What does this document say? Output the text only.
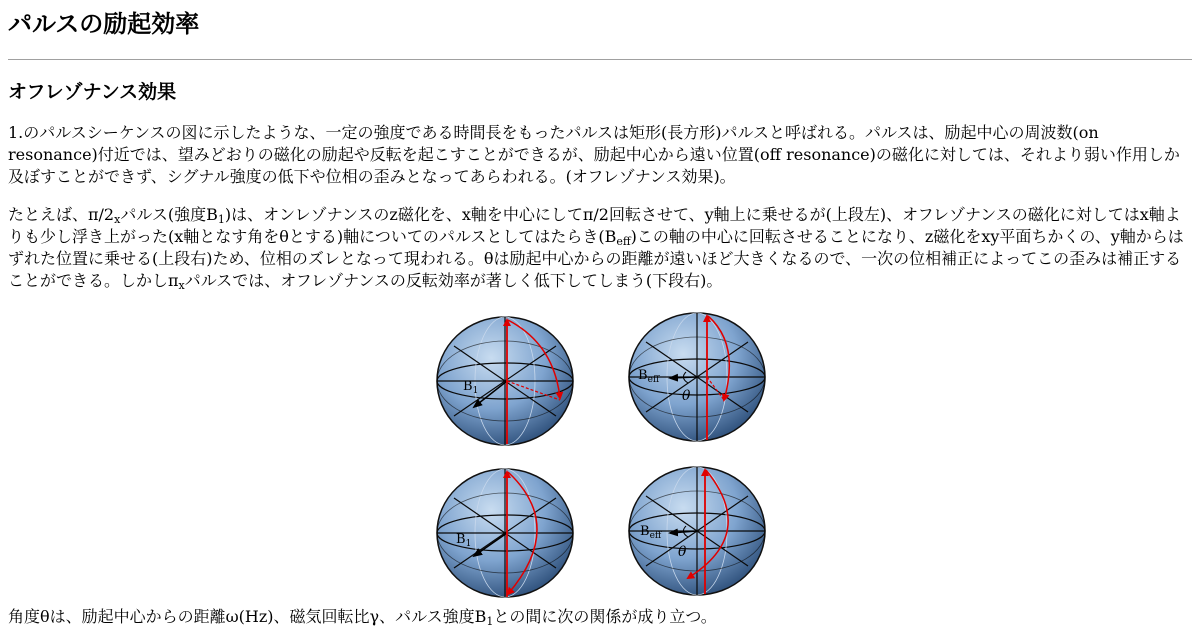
パルスの励起効率
オフレゾナンス効果

1.のパルスシーケンスの図に示したような、一定の強度である時間長をもったパルスは矩形(長方形)パルスと呼ばれる。パルスは、励起中心の周波数(on resonance)付近では、望みどおりの磁化の励起や反転を起こすことができるが、励起中心から遠い位置(off resonance)の磁化に対しては、それより弱い作用しか及ぼすことができず、シグナル強度の低下や位相の歪みとなってあらわれる。(オフレゾナンス効果)。

たとえば、$\pi/2_x$パルス(強度$B_1$)は、オンレゾナンスのz磁化を、x軸を中心にしてπ/2回転させて、y軸上に乗せるが(上段左)、オフレゾナンスの磁化に対してはx軸よりも少し浮き上がった(x軸となす角をθとする)軸についてのパルスとしてはたらき$(B_{eff})$この軸の中心に回転させることになり、z磁化をxy平面ちかくの、y軸からはずれた位置に乗せる(上段右)ため、位相のズレとなって現われる。θは励起中心からの距離が遠いほど大きくなるので、一次の位相補正によってこの歪みは補正することができる。しかし$\pi_x$パルスでは、オフレゾナンスの反転効率が著しく低下してしまう(下段右)。

$B_1$
$B_{eff}$
θ
$B_1$
$B_{eff}$
θ

角度θは、励起中心からの距離ω(Hz)、磁気回転比γ、パルス強度$B_1$との間に次の関係が成り立つ。
